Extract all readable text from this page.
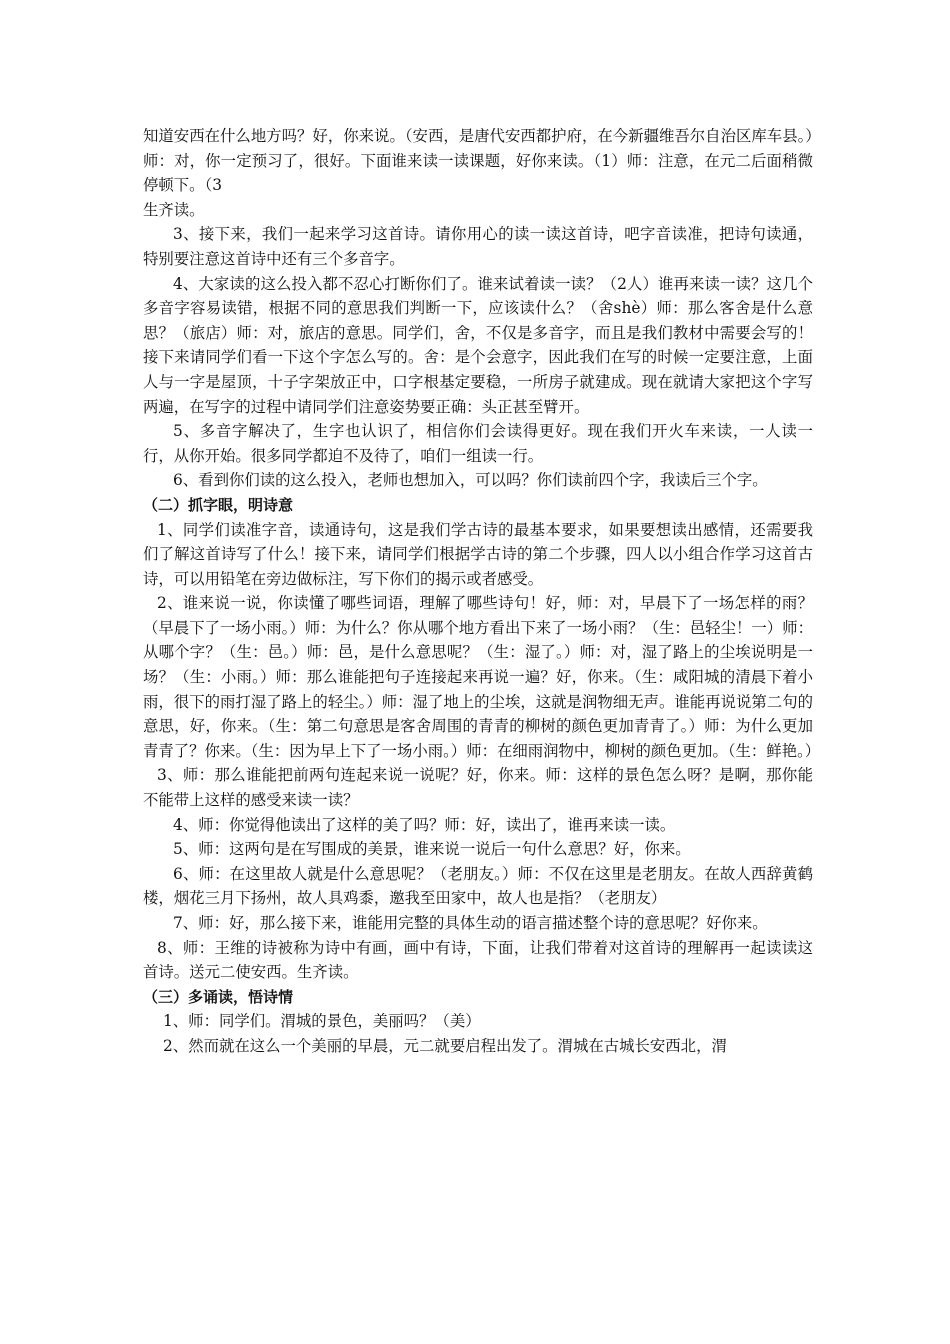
知道安西在什么地方吗？好，你来说。（安西，是唐代安西都护府，在今新疆维吾尔自治区库车县。）师：对，你一定预习了，很好。下面谁来读一读课题，好你来读。（1）师：注意，在元二后面稍微停顿下。（3

生齐读。

3、接下来，我们一起来学习这首诗。请你用心的读一读这首诗，吧字音读准，把诗句读通，特别要注意这首诗中还有三个多音字。

4、大家读的这么投入都不忍心打断你们了。谁来试着读一读？（2人）谁再来读一读？这几个多音字容易读错，根据不同的意思我们判断一下，应该读什么？（舍shè）师：那么客舍是什么意思？（旅店）师：对，旅店的意思。同学们，舍，不仅是多音字，而且是我们教材中需要会写的！接下来请同学们看一下这个字怎么写的。舍：是个会意字，因此我们在写的时候一定要注意，上面人与一字是屋顶，十子字架放正中，口字根基定要稳，一所房子就建成。现在就请大家把这个字写两遍，在写字的过程中请同学们注意姿势要正确：头正甚至臂开。

5、多音字解决了，生字也认识了，相信你们会读得更好。现在我们开火车来读，一人读一行，从你开始。很多同学都迫不及待了，咱们一组读一行。

6、看到你们读的这么投入，老师也想加入，可以吗？你们读前四个字，我读后三个字。

（二）抓字眼，明诗意

1、同学们读准字音，读通诗句，这是我们学古诗的最基本要求，如果要想读出感情，还需要我们了解这首诗写了什么！接下来，请同学们根据学古诗的第二个步骤，四人以小组合作学习这首古诗，可以用铅笔在旁边做标注，写下你们的揭示或者感受。

2、谁来说一说，你读懂了哪些词语，理解了哪些诗句！好，师：对，早晨下了一场怎样的雨？（早晨下了一场小雨。）师：为什么？你从哪个地方看出下来了一场小雨？（生：邑轻尘！一）师：从哪个字？（生：邑。）师：邑，是什么意思呢？（生：湿了。）师：对，湿了路上的尘埃说明是一场？（生：小雨。）师：那么谁能把句子连接起来再说一遍？好，你来。（生：咸阳城的清晨下着小雨，很下的雨打湿了路上的轻尘。）师：湿了地上的尘埃，这就是润物细无声。谁能再说说第二句的意思，好，你来。（生：第二句意思是客舍周围的青青的柳树的颜色更加青青了。）师：为什么更加青青了？你来。（生：因为早上下了一场小雨。）师：在细雨润物中，柳树的颜色更加。（生：鲜艳。）

3、师：那么谁能把前两句连起来说一说呢？好，你来。师：这样的景色怎么呀？是啊，那你能不能带上这样的感受来读一读？

4、师：你觉得他读出了这样的美了吗？师：好，读出了，谁再来读一读。

5、师：这两句是在写围成的美景，谁来说一说后一句什么意思？好，你来。

6、师：在这里故人就是什么意思呢？（老朋友。）师：不仅在这里是老朋友。在故人西辞黄鹤楼，烟花三月下扬州，故人具鸡黍，邀我至田家中，故人也是指？（老朋友）

7、师：好，那么接下来，谁能用完整的具体生动的语言描述整个诗的意思呢？好你来。

8、师：王维的诗被称为诗中有画，画中有诗，下面，让我们带着对这首诗的理解再一起读读这首诗。送元二使安西。生齐读。

（三）多诵读，悟诗情

1、师：同学们。渭城的景色，美丽吗？（美）

2、然而就在这么一个美丽的早晨，元二就要启程出发了。渭城在古城长安西北，渭
